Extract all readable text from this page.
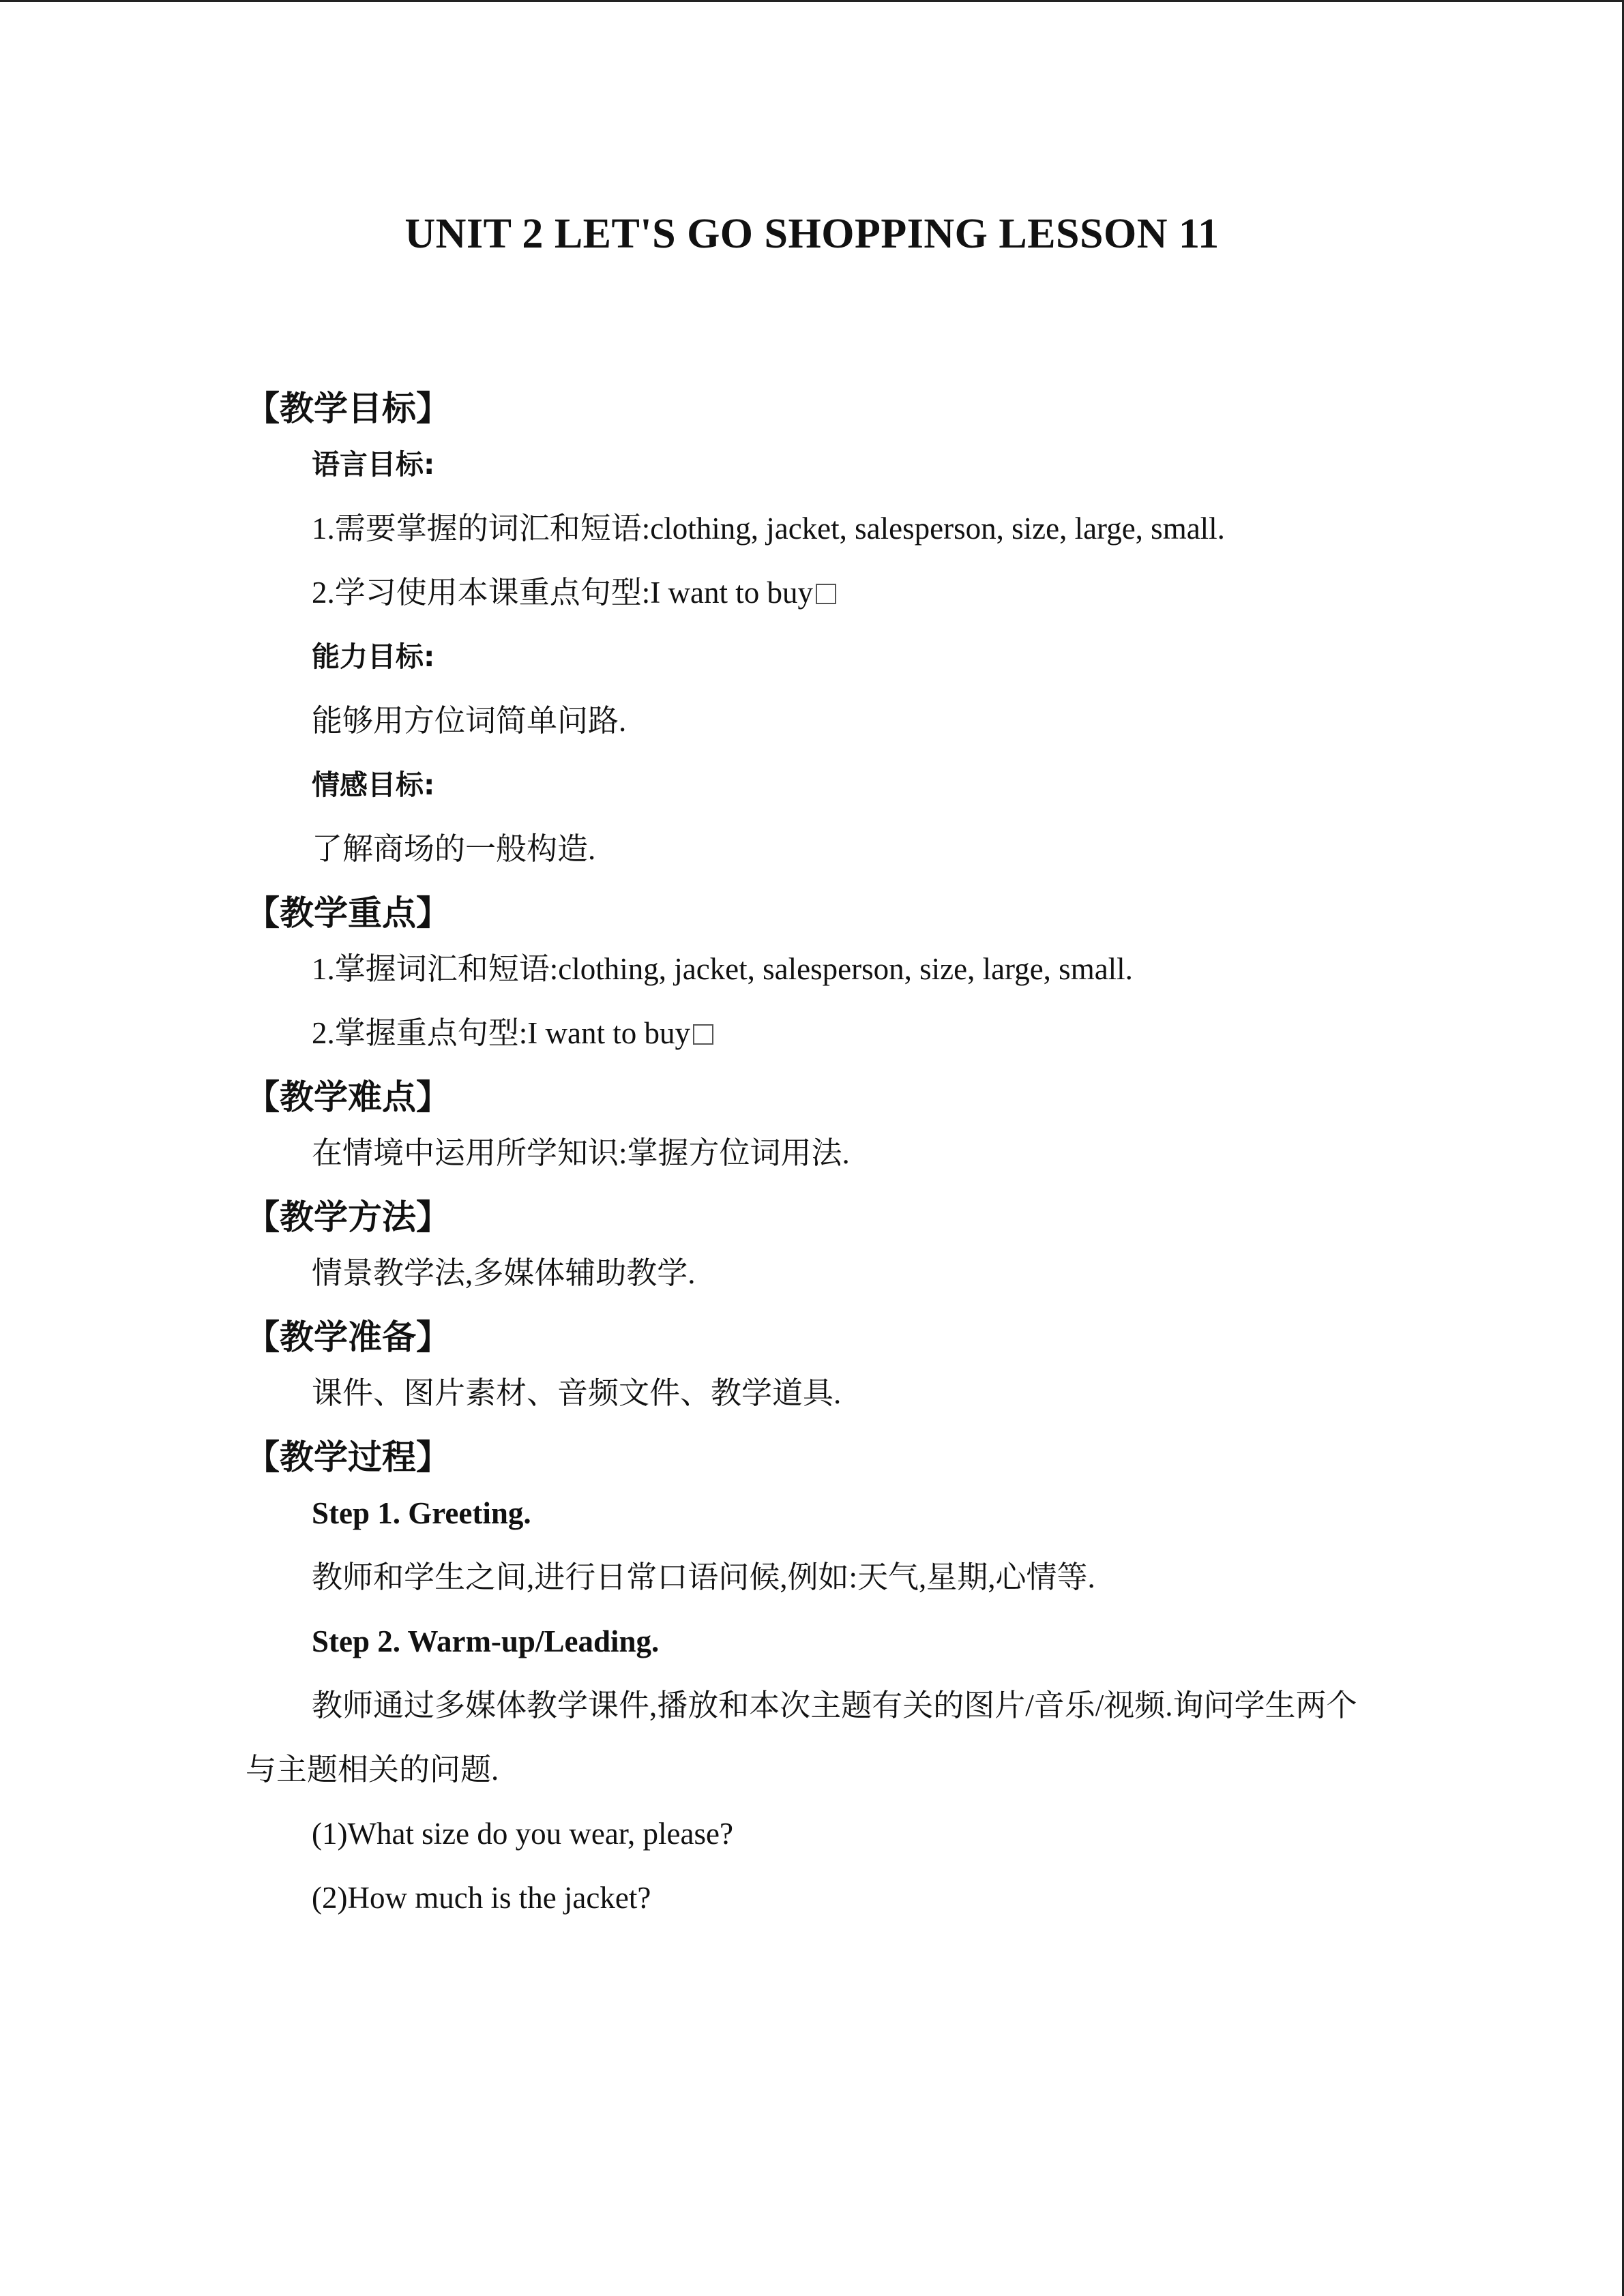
UNIT 2 LET'S GO SHOPPING LESSON 11
【教学目标】
语言目标:
1.需要掌握的词汇和短语:clothing, jacket, salesperson, size, large, small.
2.学习使用本课重点句型:I want to buy
能力目标:
能够用方位词简单问路.
情感目标:
了解商场的一般构造.
【教学重点】
1.掌握词汇和短语:clothing, jacket, salesperson, size, large, small.
2.掌握重点句型:I want to buy
【教学难点】
在情境中运用所学知识:掌握方位词用法.
【教学方法】
情景教学法,多媒体辅助教学.
【教学准备】
课件、图片素材、音频文件、教学道具.
【教学过程】
Step 1. Greeting.
教师和学生之间,进行日常口语问候,例如:天气,星期,心情等.
Step 2. Warm-up/Leading.
教师通过多媒体教学课件,播放和本次主题有关的图片/音乐/视频.询问学生两个与主题相关的问题.
(1)What size do you wear, please?
(2)How much is the jacket?
